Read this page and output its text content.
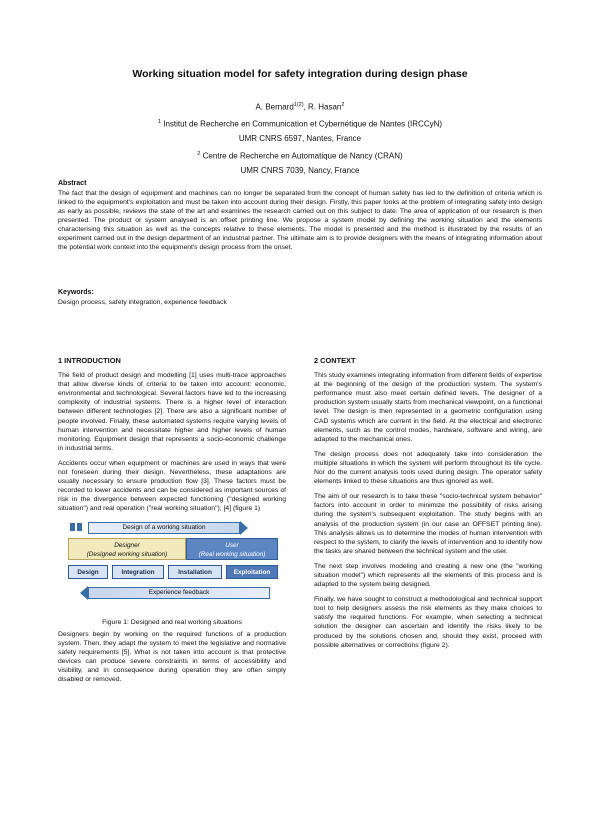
Working situation model for safety integration during design phase
A. Bernard$^{1(2)}$, R. Hasan$^2$
$^1$ Institut de Recherche en Communication et Cybernétique de Nantes (IRCCyN)
UMR CNRS 6597, Nantes, France
$^2$ Centre de Recherche en Automatique de Nancy (CRAN)
UMR CNRS 7039, Nancy, France
Abstract
The fact that the design of equipment and machines can no longer be separated from the concept of human safety has led to the definition of criteria which is linked to the equipment's exploitation and must be taken into account during their design. Firstly, this paper looks at the problem of integrating safety into design as early as possible, reviews the state of the art and examines the research carried out on this subject to date. The area of application of our research is then presented. The product or system analysed is an offset printing line. We propose a system model by defining the working situation and the elements characterising this situation as well as the concepts relative to these elements. The model is presented and the method is illustrated by the results of an experiment carried out in the design department of an industrial partner. The ultimate aim is to provide designers with the means of integrating information about the potential work context into the equipment's design process from the onset.
Keywords:
Design process, safety integration, experience feedback
1 INTRODUCTION

The field of product design and modelling [1] uses multi-trace approaches that allow diverse kinds of criteria to be taken into account: economic, environmental and technological. Several factors have led to the increasing complexity of industrial systems. There is a higher level of interaction between different technologies [2]. There are also a significant number of people involved. Finally, these automated systems require varying levels of human intervention and necessitate higher and higher levels of human monitoring. Equipment design that represents a socio-economic challenge in industrial terms.

Accidents occur when equipment or machines are used in ways that were not foreseen during their design. Nevertheless, these adaptations are usually necessary to ensure production flow [3]. These factors must be recorded to lower accidents and can be considered as important sources of risk in the divergence between expected functioning ("designed working situation") and real operation ("real working situation"); [4] (figure 1)

Design of a working situation
Designer
(Designed working situation)
User
(Real working situation)
Design	Integration	Installation	Exploitation
Experience feedback
Figure 1: Designed and real working situations

Designers begin by working on the required functions of a production system. Then, they adapt the system to meet the legislative and normative safety requirements [5]. What is not taken into account is that protective devices can produce severe constraints in terms of accessibility and visibility, and in consequence during operation they are often simply disabled or removed.

2 CONTEXT

This study examines integrating information from different fields of expertise at the beginning of the design of the production system. The system's performance must also meet certain defined levels. The designer of a production system usually starts from mechanical viewpoint, on a functional level. The design is then represented in a geometric configuration using CAD systems which are current in the field. At the electrical and electronic elements, such as the control modes, hardware, software and wiring, are adapted to the mechanical ones.

The design process does not adequately take into consideration the multiple situations in which the system will perform throughout its life cycle. Nor do the current analysis tools used during design. The operator safety elements linked to these situations are thus ignored as well.

The aim of our research is to take these "socio-technical system behavior" factors into account in order to minimize the possibility of risks arising during the system's subsequent exploitation. The study begins with an analysis of the production system (in our case an OFFSET printing line). This analysis allows us to determine the modes of human intervention with respect to the system, to clarify the levels of intervention and to identify how the tasks are shared between the technical system and the user.

The next step involves modeling and creating a new one (the "working situation model") which represents all the elements of this process and is adapted to the system being designed.

Finally, we have sought to construct a methodological and technical support tool to help designers assess the risk elements as they make choices to satisfy the required functions. For example, when selecting a technical solution the designer can ascertain and identify the risks likely to be produced by the solutions chosen and, should they exist, proceed with possible alternatives or corrections (figure 2).
